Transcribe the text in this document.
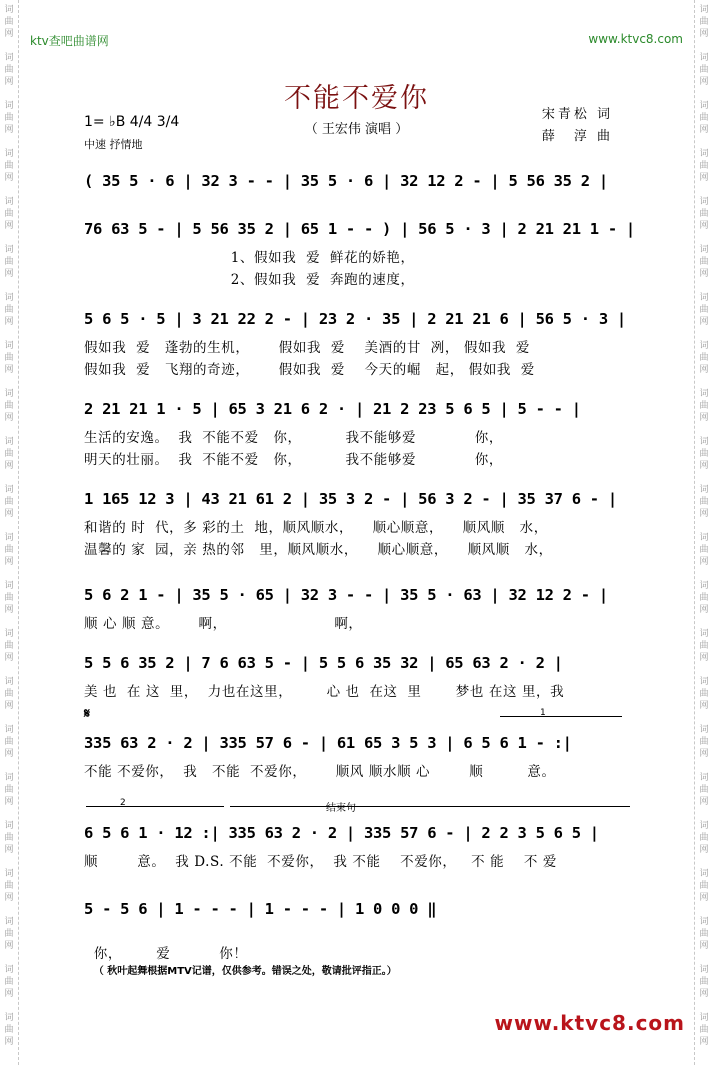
词
曲
网

词
曲
网

词
曲
网

词
曲
网

词
曲
网

词
曲
网

词
曲
网

词
曲
网

词
曲
网

词
曲
网

词
曲
网

词
曲
网

词
曲
网

词
曲
网

词
曲
网

词
曲
网

词
曲
网

词
曲
网

词
曲
网

词
曲
网

词
曲
网

词
曲
网
词
曲
网

词
曲
网

词
曲
网

词
曲
网

词
曲
网

词
曲
网

词
曲
网

词
曲
网

词
曲
网

词
曲
网

词
曲
网

词
曲
网

词
曲
网

词
曲
网

词
曲
网

词
曲
网

词
曲
网

词
曲
网

词
曲
网

词
曲
网

词
曲
网

词
曲
网
ktv查吧曲谱网	www.ktvc8.com
不能不爱你
（ 王宏伟 演唱 ）
宋青松 词
薛　淳 曲
1= ♭B 4/4 3/4
中速 抒情地
( 35 5 · 6 | 32 3 - - | 35 5 · 6 | 32 12 2 - | 5 56 35 2 |
76 63 5 - | 5 56 35 2 | 65 1 - - ) | 56 5 · 3 | 2 21 21 1 - |
1、假如我  爱  鲜花的娇艳，
2、假如我  爱  奔跑的速度，
5 6 5 · 5 | 3 21 22 2 - | 23 2 · 35 | 2 21 21 6 | 56 5 · 3 |
假如我  爱   蓬勃的生机，      假如我  爱    美酒的甘  冽， 假如我  爱
假如我  爱   飞翔的奇迹，      假如我  爱    今天的崛   起， 假如我  爱
2 21 21 1 · 5 | 65 3 21 6 2 · | 21 2 23 5 6 5 | 5 - - |
生活的安逸。  我  不能不爱   你，         我不能够爱            你，
明天的壮丽。  我  不能不爱   你，         我不能够爱            你，
1 165 12 3 | 43 21 61 2 | 35 3 2 - | 56 3 2 - | 35 37 6 - |
和谐的 时  代，多 彩的土  地，顺风顺水，    顺心顺意，    顺风顺   水，
温馨的 家  园，亲 热的邻   里，顺风顺水，    顺心顺意，    顺风顺   水，
5 6 2 1 - | 35 5 · 65 | 32 3 - - | 35 5 · 63 | 32 12 2 - |
顺 心 顺 意。      啊，                      啊，
5 5 6 35 2 | 7 6 63 5 - | 5 5 6 35 32 | 65 63 2 · 2 |
美 也  在 这  里，  力也在这里，       心 也  在这  里       梦也 在这 里，我
𝄋	1
335 63 2 · 2 | 335 57 6 - | 61 65 3 5 3 | 6 5 6 1 - :|
不能 不爱你，  我   不能  不爱你，      顺风 顺水顺 心        顺         意。
2	结束句
6 5 6 1 · 12 :| 335 63 2 · 2 | 335 57 6 - | 2 2 3 5 6 5 |
顺        意。  我 D.S. 不能  不爱你，  我 不能    不爱你，   不 能    不 爱
5 - 5 6 | 1 - - - | 1 - - - | 1 0 0 0 ‖

你，       爱          你！
（ 秋叶起舞根据MTV记谱，仅供参考。错误之处，敬请批评指正。）

www.ktvc8.com
